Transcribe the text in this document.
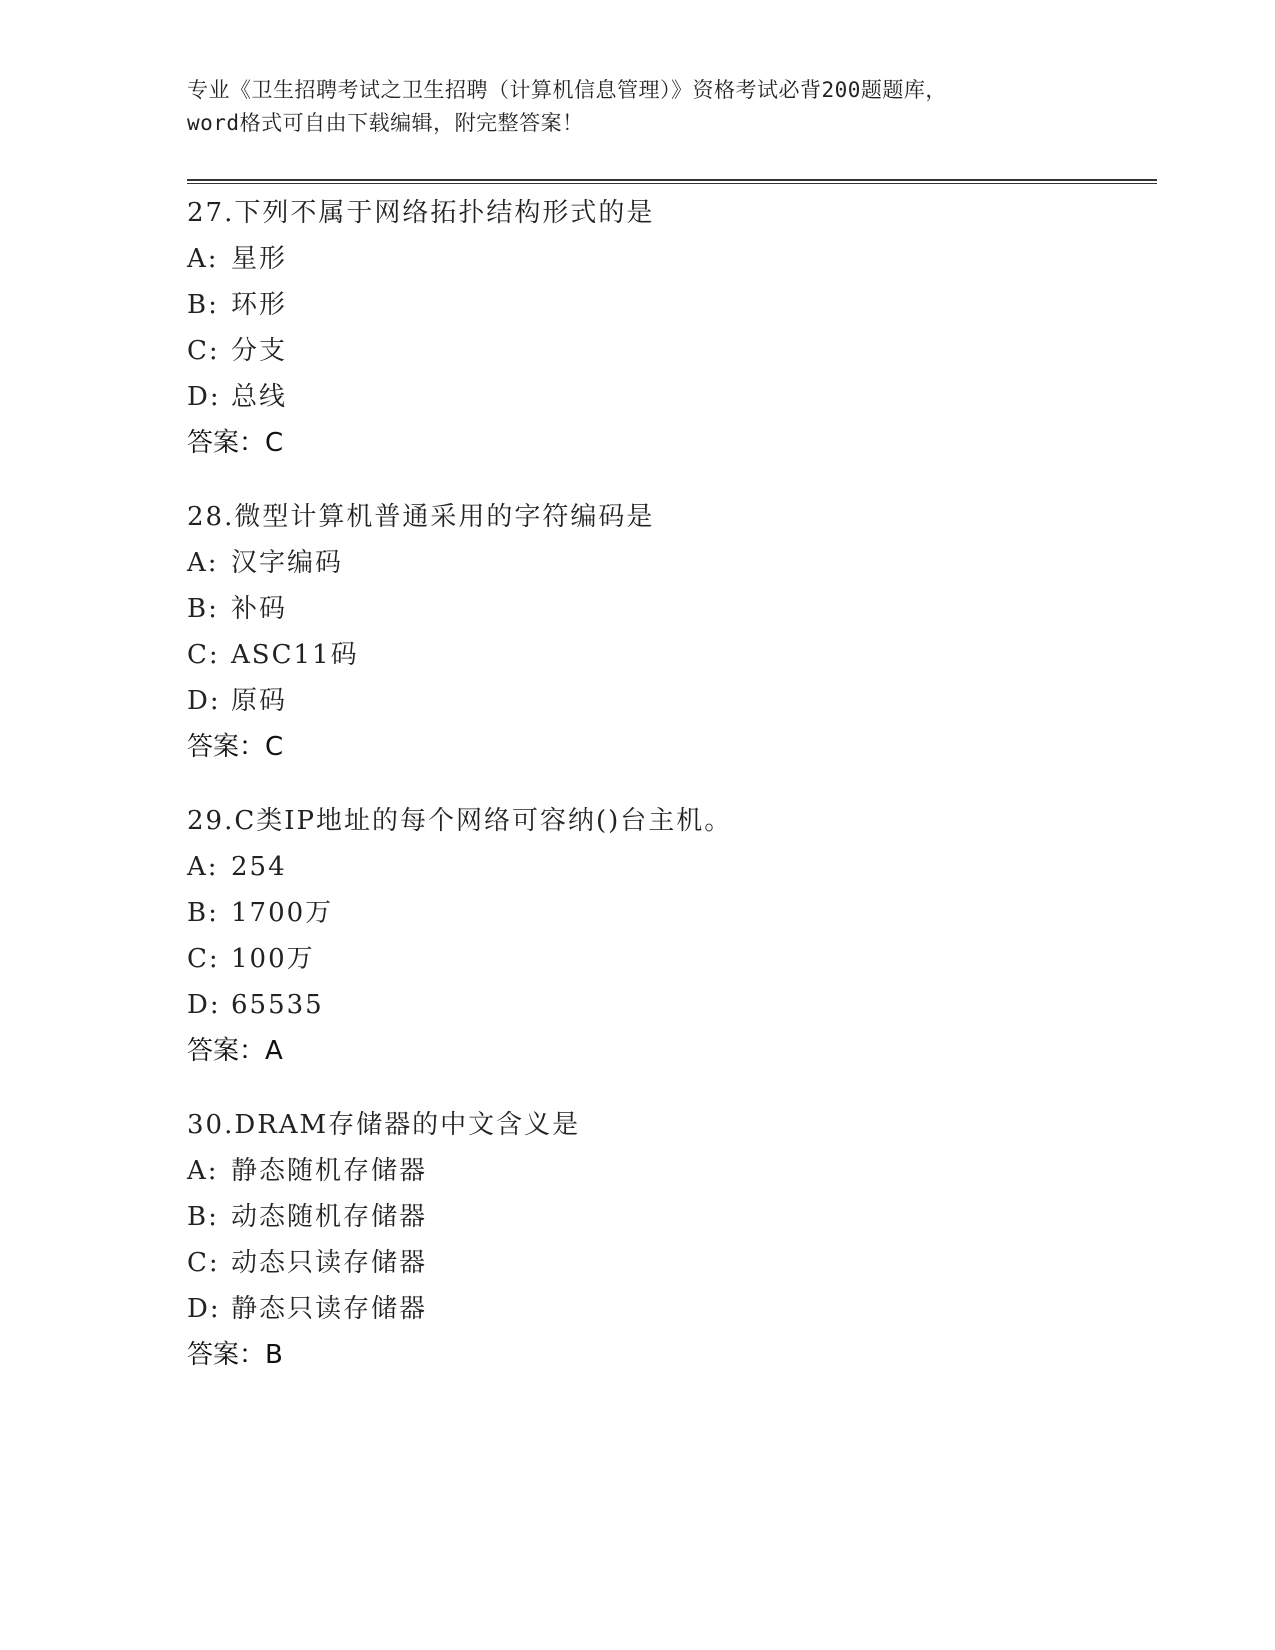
专业《卫生招聘考试之卫生招聘（计算机信息管理）》资格考试必背200题题库，
word格式可自由下载编辑，附完整答案！
27.下列不属于网络拓扑结构形式的是
A: 星形
B: 环形
C: 分支
D: 总线
答案：C
28.微型计算机普通采用的字符编码是
A: 汉字编码
B: 补码
C: ASC11码
D: 原码
答案：C
29.C类IP地址的每个网络可容纳()台主机。
A: 254
B: 1700万
C: 100万
D: 65535
答案：A
30.DRAM存储器的中文含义是
A: 静态随机存储器
B: 动态随机存储器
C: 动态只读存储器
D: 静态只读存储器
答案：B
